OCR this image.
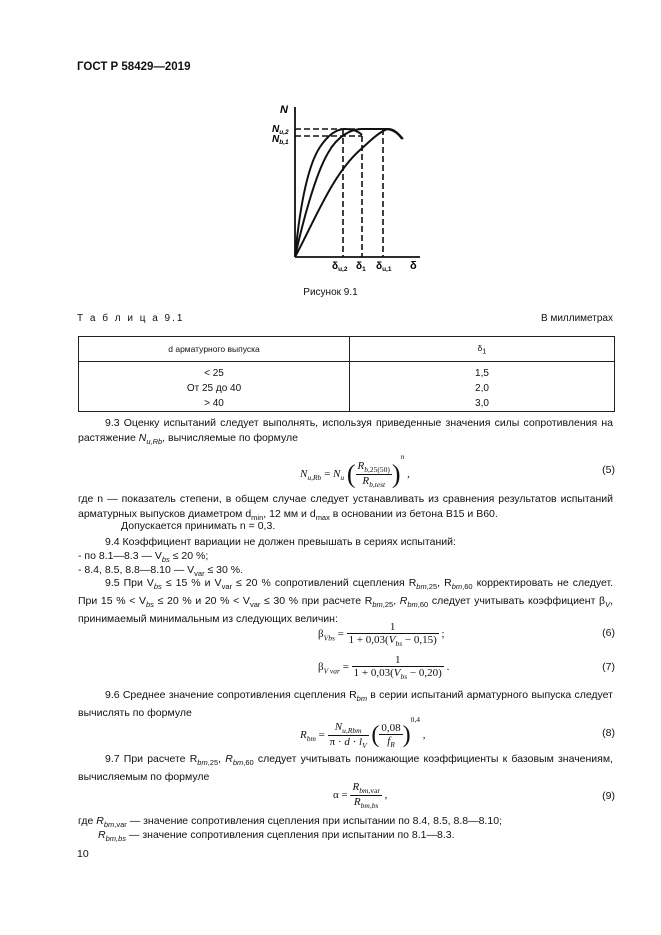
ГОСТ Р 58429—2019
N
$N_{u,2}$
$N_{b,1}$
$\delta_{u,2}$ $\delta_1$ $\delta_{u,1}$ δ
Рисунок 9.1
Т а б л и ц а 9.1	В миллиметрах
d арматурного выпуска	$\delta_1$
< 25	1,5
От 25 до 40	2,0
> 40	3,0
9.3 Оценку испытаний следует выполнять, используя приведенные значения силы сопротивления на растяжение $N_{u,Rb}$, вычисляемые по формуле
$N_{u,Rb} = N_u$ ( $\frac{R_{b,25(50)}}{R_{b,test}} )^n$ ,	(5)
где n — показатель степени, в общем случае следует устанавливать из сравнения результатов испытаний арматурных выпусков диаметром $d_{min}$, 12 мм и $d_{max}$ в основании из бетона В15 и В60.
Допускается принимать n = 0,3.
9.4 Коэффициент вариации не должен превышать в сериях испытаний:
- по 8.1—8.3 — $V_{bs} \le 20$ %;
- 8.4, 8.5, 8.8—8.10 — $V_{var} \le 30$ %.
9.5 При $V_{bs} \le 15$ % и $V_{var} \le 20$ % сопротивлений сцепления $R_{bm,25}$, $R_{bm,60}$ корректировать не следует. При 15 % < $V_{bs} \le 20$ % и 20 % < $V_{var} \le 30$ % при расчете $R_{bm,25}$, $R_{bm,60}$ следует учитывать коэффициент $\beta_V$, принимаемый минимальным из следующих величин:
$\beta_{Vbs} = \frac{1}{1 + 0,03(V_{bs} - 0,15)}$ ;	(6)
$\beta_{V var} = \frac{1}{1 + 0,03(V_{bs} - 0,20)}$ .	(7)
9.6 Среднее значение сопротивления сцепления $R_{bm}$ в серии испытаний арматурного выпуска следует вычислять по формуле
$R_{bm} = \frac{N_{u,Rbm}}{\pi \cdot d \cdot l_V}$ ( $\frac{0,08}{f_R} )^{0,4}$ ,	(8)
9.7 При расчете $R_{bm,25}$, $R_{bm,60}$ следует учитывать понижающие коэффициенты к базовым значениям, вычисляемым по формуле
$\alpha = \frac{R_{bm,var}}{R_{bm,bs}}$ ,	(9)
где $R_{bm,var}$ — значение сопротивления сцепления при испытании по 8.4, 8.5, 8.8—8.10;
$R_{bm,bs}$ — значение сопротивления сцепления при испытании по 8.1—8.3.
10
